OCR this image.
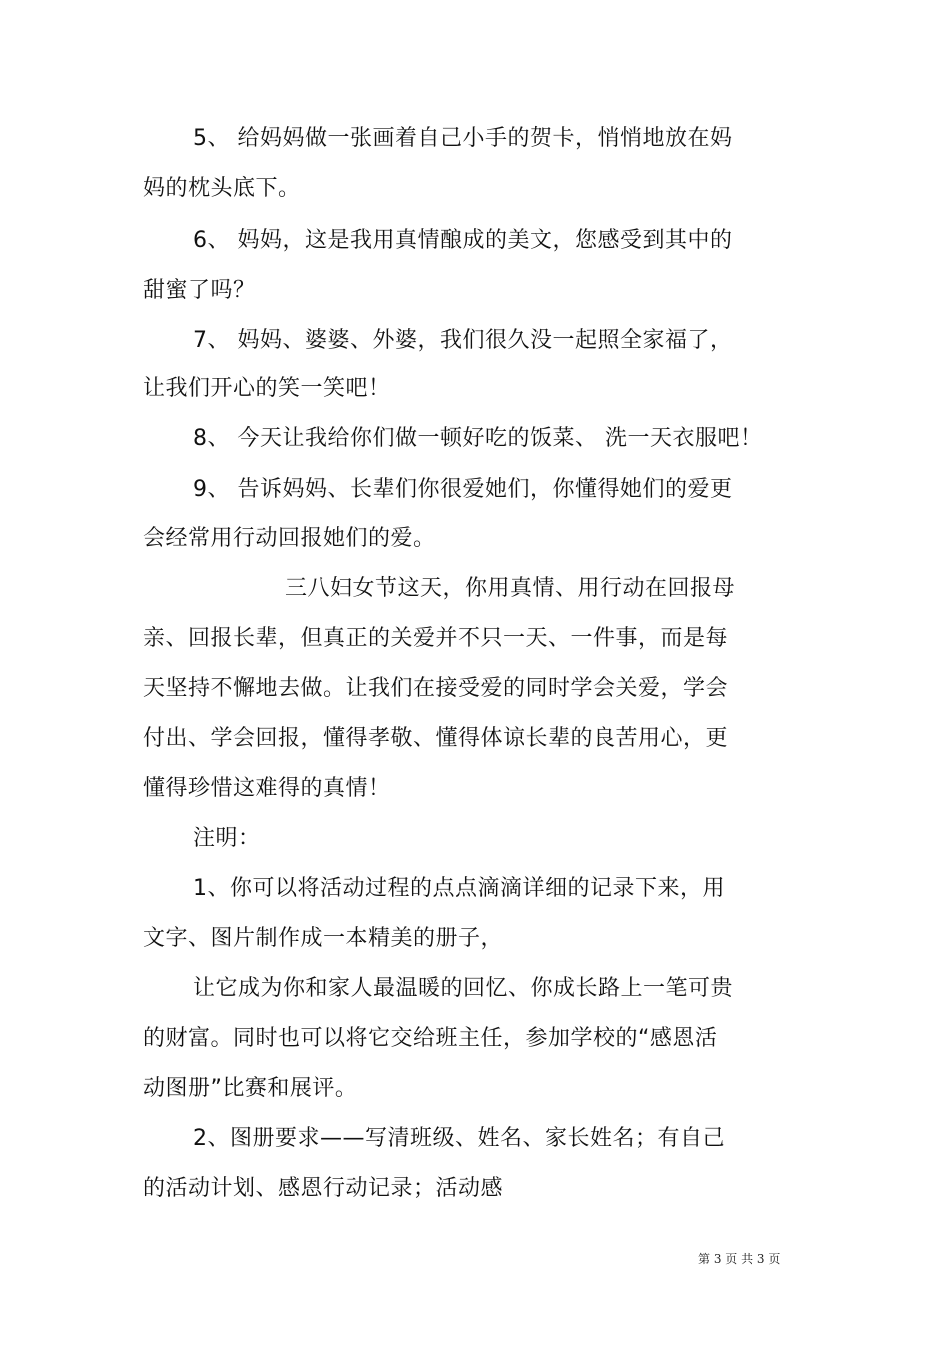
5、 给妈妈做一张画着自己小手的贺卡，悄悄地放在妈
妈的枕头底下。
6、 妈妈，这是我用真情酿成的美文，您感受到其中的
甜蜜了吗？
7、 妈妈、婆婆、外婆，我们很久没一起照全家福了，
让我们开心的笑一笑吧！
8、 今天让我给你们做一顿好吃的饭菜、 洗一天衣服吧！
9、 告诉妈妈、长辈们你很爱她们，你懂得她们的爱更
会经常用行动回报她们的爱。
三八妇女节这天，你用真情、用行动在回报母
亲、回报长辈，但真正的关爱并不只一天、一件事，而是每
天坚持不懈地去做。让我们在接受爱的同时学会关爱，学会
付出、学会回报，懂得孝敬、懂得体谅长辈的良苦用心，更
懂得珍惜这难得的真情！
注明：
1、你可以将活动过程的点点滴滴详细的记录下来，用
文字、图片制作成一本精美的册子，
让它成为你和家人最温暖的回忆、你成长路上一笔可贵
的财富。同时也可以将它交给班主任，参加学校的“感恩活
动图册”比赛和展评。
2、图册要求——写清班级、姓名、家长姓名；有自己
的活动计划、感恩行动记录；活动感
第 3 页 共 3 页
